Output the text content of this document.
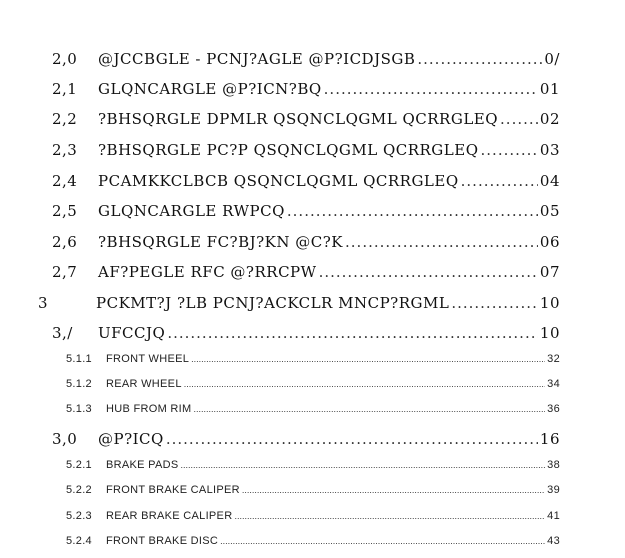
2,0	@JCCBGLE - PCNJ?AGLE @P?ICDJSGB .....	0/
2,1	GLQNCARGLE @P?ICN?BQ .....	01
2,2	?BHSQRGLE DPMLR QSQNCLQGML QCRRGLEQ .....	02
2,3	?BHSQRGLE PC?P QSQNCLQGML QCRRGLEQ .....	03
2,4	PCAMKKCLBCB QSQNCLQGML QCRRGLEQ .....	04
2,5	GLQNCARGLE RWPCQ .....	05
2,6	?BHSQRGLE FC?BJ?KN @C?K .....	06
2,7	AF?PEGLE RFC @?RRCPW .....	07
3	PCKMT?J ?LB PCNJ?ACKCLR MNCP?RGML .....	10
3,/	UFCCJQ .....	10
5.1.1	FRONT WHEEL .....	32
5.1.2	REAR WHEEL .....	34
5.1.3	HUB FROM RIM .....	36
3,0	@P?ICQ .....	16
5.2.1	BRAKE PADS .....	38
5.2.2	FRONT BRAKE CALIPER .....	39
5.2.3	REAR BRAKE CALIPER .....	41
5.2.4	FRONT BRAKE DISC .....	43
